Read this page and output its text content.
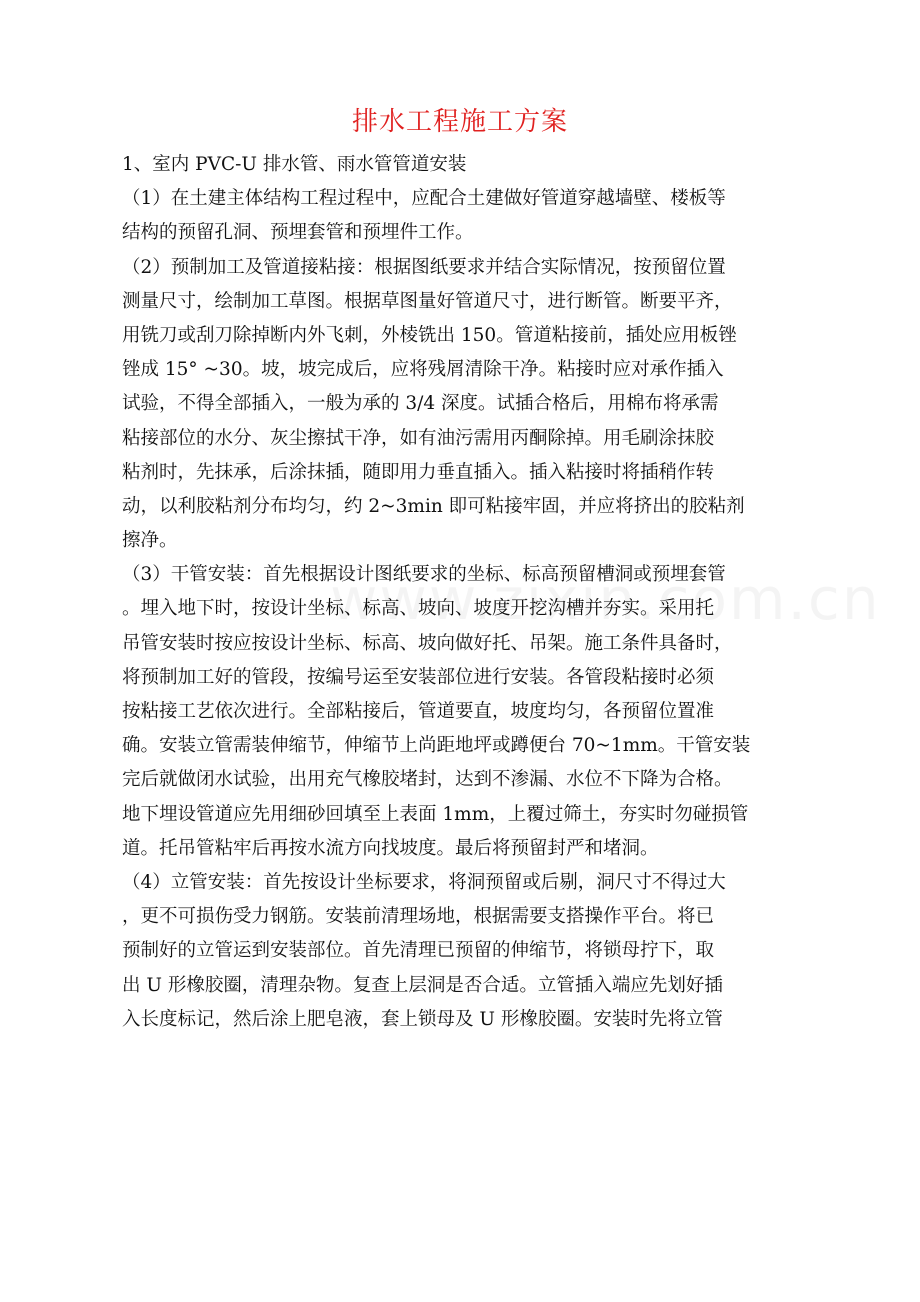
排水工程施工方案
1、室内 PVC-U 排水管、雨水管管道安装
（1）在土建主体结构工程过程中，应配合土建做好管道穿越墙壁、楼板等
结构的预留孔洞、预埋套管和预埋件工作。
（2）预制加工及管道接粘接：根据图纸要求并结合实际情况，按预留位置
测量尺寸，绘制加工草图。根据草图量好管道尺寸，进行断管。断要平齐，
用铣刀或刮刀除掉断内外飞刺，外棱铣出 150。管道粘接前，插处应用板锉
锉成 15° ~30。坡，坡完成后，应将残屑清除干净。粘接时应对承作插入
试验，不得全部插入，一般为承的 3/4 深度。试插合格后，用棉布将承需
粘接部位的水分、灰尘擦拭干净，如有油污需用丙酮除掉。用毛刷涂抹胶
粘剂时，先抹承，后涂抹插，随即用力垂直插入。插入粘接时将插稍作转
动，以利胶粘剂分布均匀，约 2~3min 即可粘接牢固，并应将挤出的胶粘剂
擦净。
（3）干管安装：首先根据设计图纸要求的坐标、标高预留槽洞或预埋套管
。埋入地下时，按设计坐标、标高、坡向、坡度开挖沟槽并夯实。采用托
吊管安装时按应按设计坐标、标高、坡向做好托、吊架。施工条件具备时，
将预制加工好的管段，按编号运至安装部位进行安装。各管段粘接时必须
按粘接工艺依次进行。全部粘接后，管道要直，坡度均匀，各预留位置准
确。安装立管需装伸缩节，伸缩节上尚距地坪或蹲便台 70~1mm。干管安装
完后就做闭水试验，出用充气橡胶堵封，达到不渗漏、水位不下降为合格。
地下埋设管道应先用细砂回填至上表面 1mm，上覆过筛土，夯实时勿碰损管
道。托吊管粘牢后再按水流方向找坡度。最后将预留封严和堵洞。
（4）立管安装：首先按设计坐标要求，将洞预留或后剔，洞尺寸不得过大
，更不可损伤受力钢筋。安装前清理场地，根据需要支搭操作平台。将已
预制好的立管运到安装部位。首先清理已预留的伸缩节，将锁母拧下，取
出 U 形橡胶圈，清理杂物。复查上层洞是否合适。立管插入端应先划好插
入长度标记，然后涂上肥皂液，套上锁母及 U 形橡胶圈。安装时先将立管
